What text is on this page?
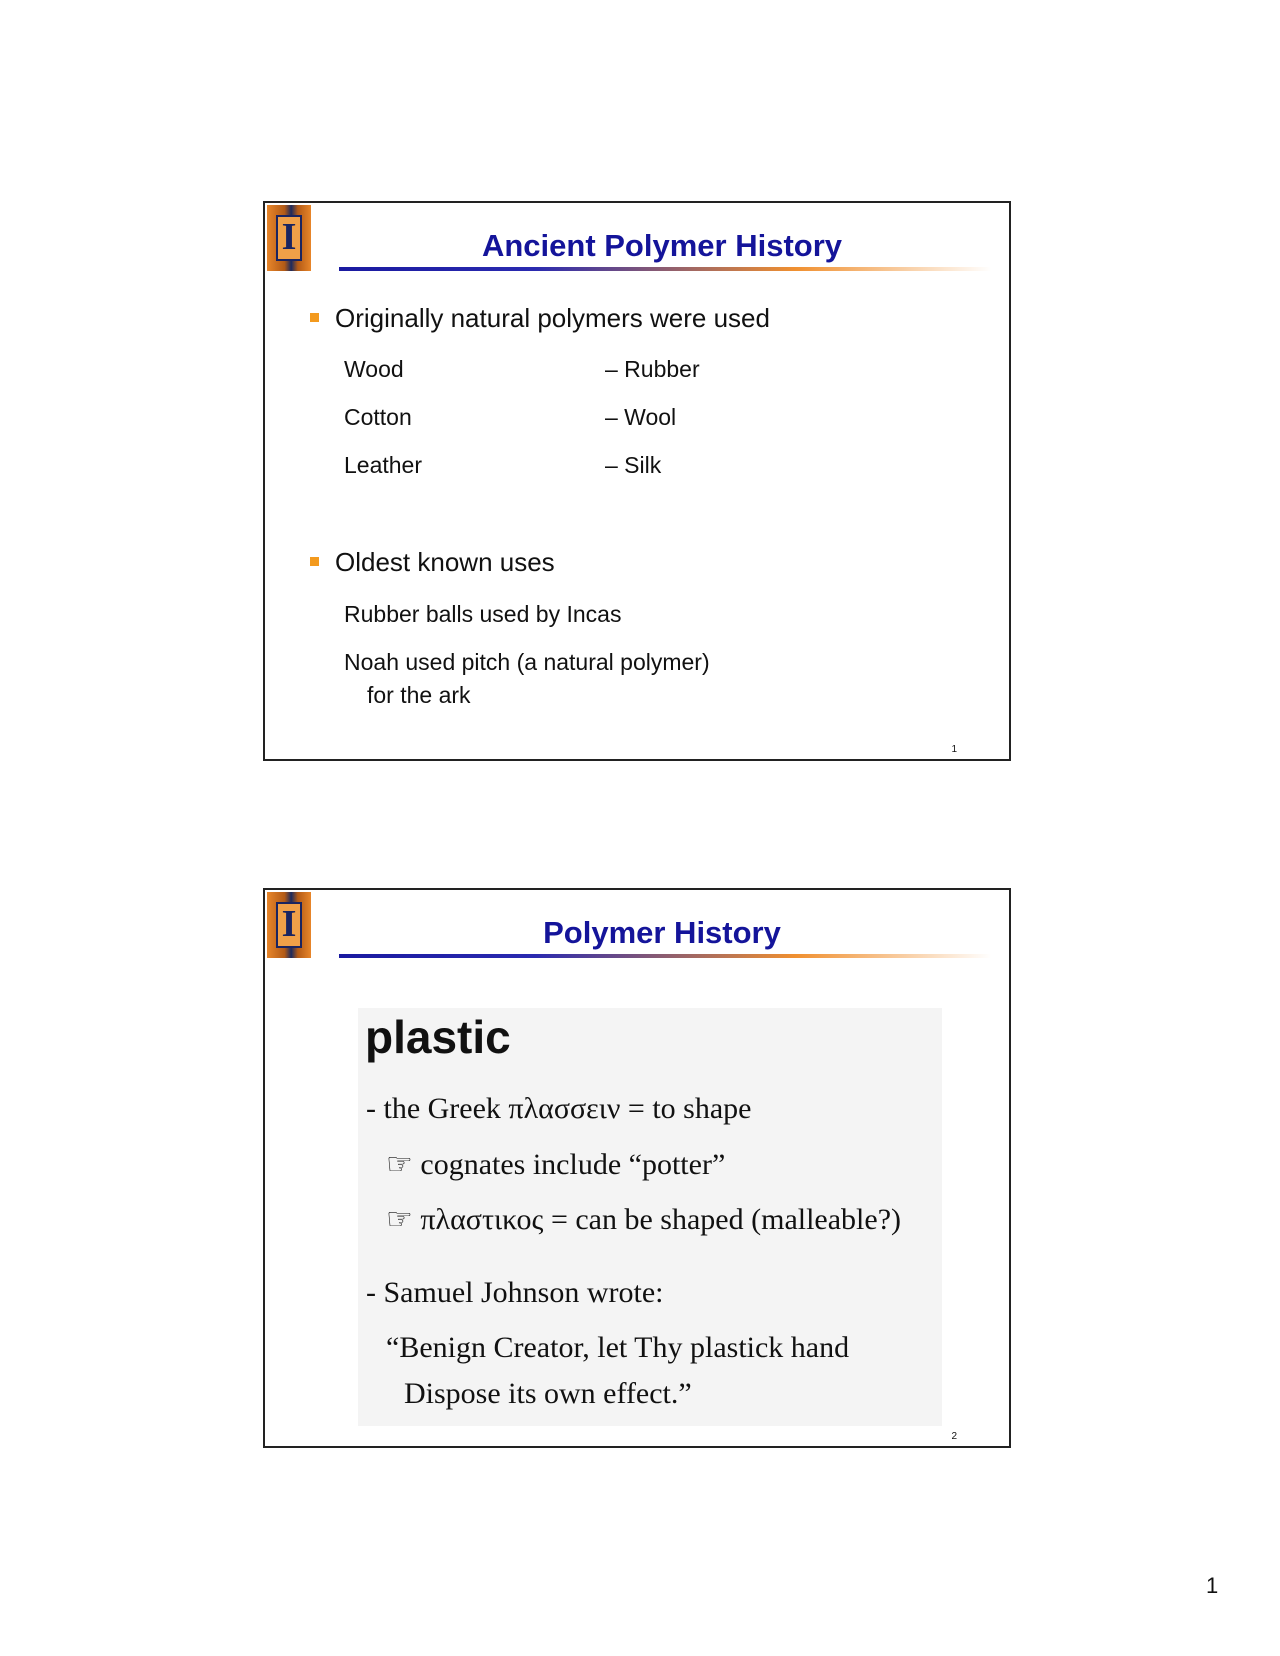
I	Ancient Polymer History
Originally natural polymers were used
Wood	– Rubber
Cotton	– Wool
Leather	– Silk
Oldest known uses
Rubber balls used by Incas
Noah used pitch (a natural polymer)
for the ark
1
I	Polymer History
plastic
- the Greek πλασσειν = to shape
☞ cognates include “potter”
☞ πλαστικος = can be shaped (malleable?)
- Samuel Johnson wrote:
“Benign Creator, let Thy plastick hand
Dispose its own effect.”
2
1
